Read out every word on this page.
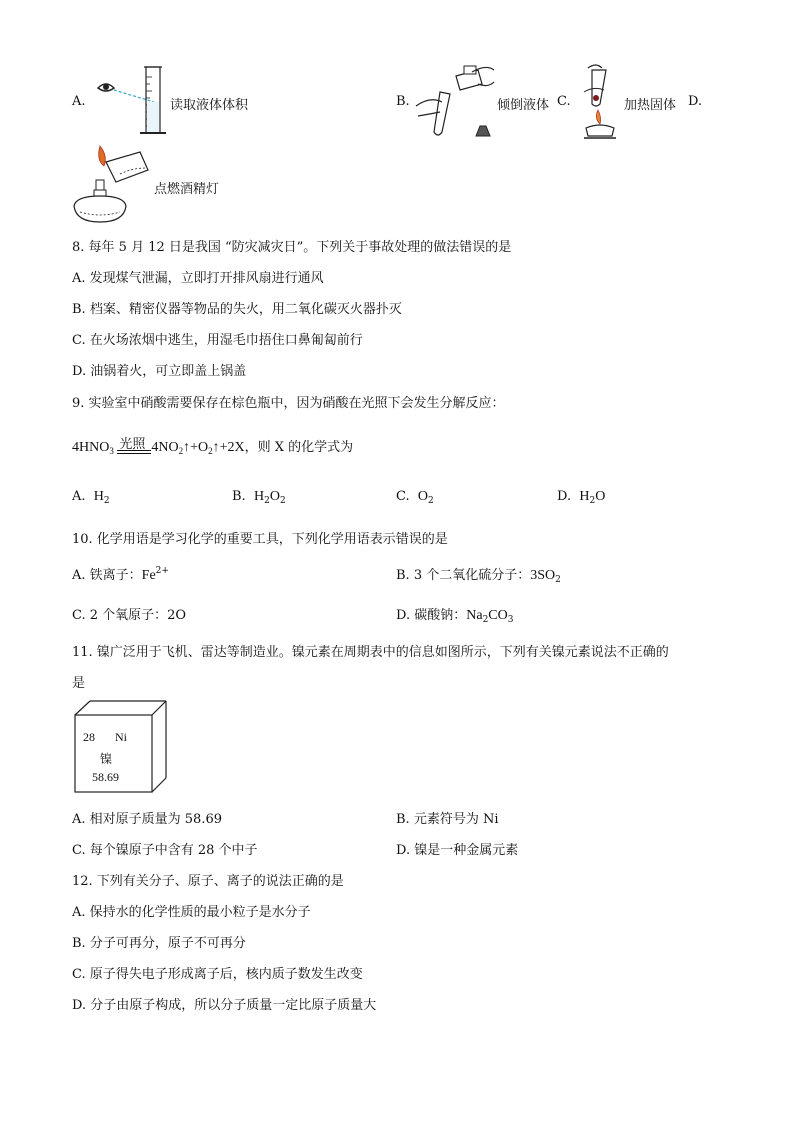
A.	读取液体体积	B.	倾倒液体 C.	加热固体 D.
点燃酒精灯
8. 每年 5 月 12 日是我国 “防灾减灾日”。下列关于事故处理的做法错误的是
A. 发现煤气泄漏，立即打开排风扇进行通风
B. 档案、精密仪器等物品的失火，用二氧化碳灭火器扑灭
C. 在火场浓烟中逃生，用湿毛巾捂住口鼻匍匐前行
D. 油锅着火，可立即盖上锅盖
9. 实验室中硝酸需要保存在棕色瓶中，因为硝酸在光照下会发生分解反应：
$4HNO_3$ 光照 $4NO_2↑+O_2↑+2X$，则 X 的化学式为
A. $H_2$	B. $H_2O_2$	C. $O_2$	D. $H_2O$
10. 化学用语是学习化学的重要工具，下列化学用语表示错误的是
A. 铁离子：$Fe^{2+}$	B. 3 个二氧化硫分子：$3SO_2$
C. 2 个氧原子：2O	D. 碳酸钠：$Na_2CO_3$
11. 镍广泛用于飞机、雷达等制造业。镍元素在周期表中的信息如图所示，下列有关镍元素说法不正确的
是
28 Ni
镍
58.69
A. 相对原子质量为 58.69	B. 元素符号为 Ni
C. 每个镍原子中含有 28 个中子	D. 镍是一种金属元素
12. 下列有关分子、原子、离子的说法正确的是
A. 保持水的化学性质的最小粒子是水分子
B. 分子可再分，原子不可再分
C. 原子得失电子形成离子后，核内质子数发生改变
D. 分子由原子构成，所以分子质量一定比原子质量大
